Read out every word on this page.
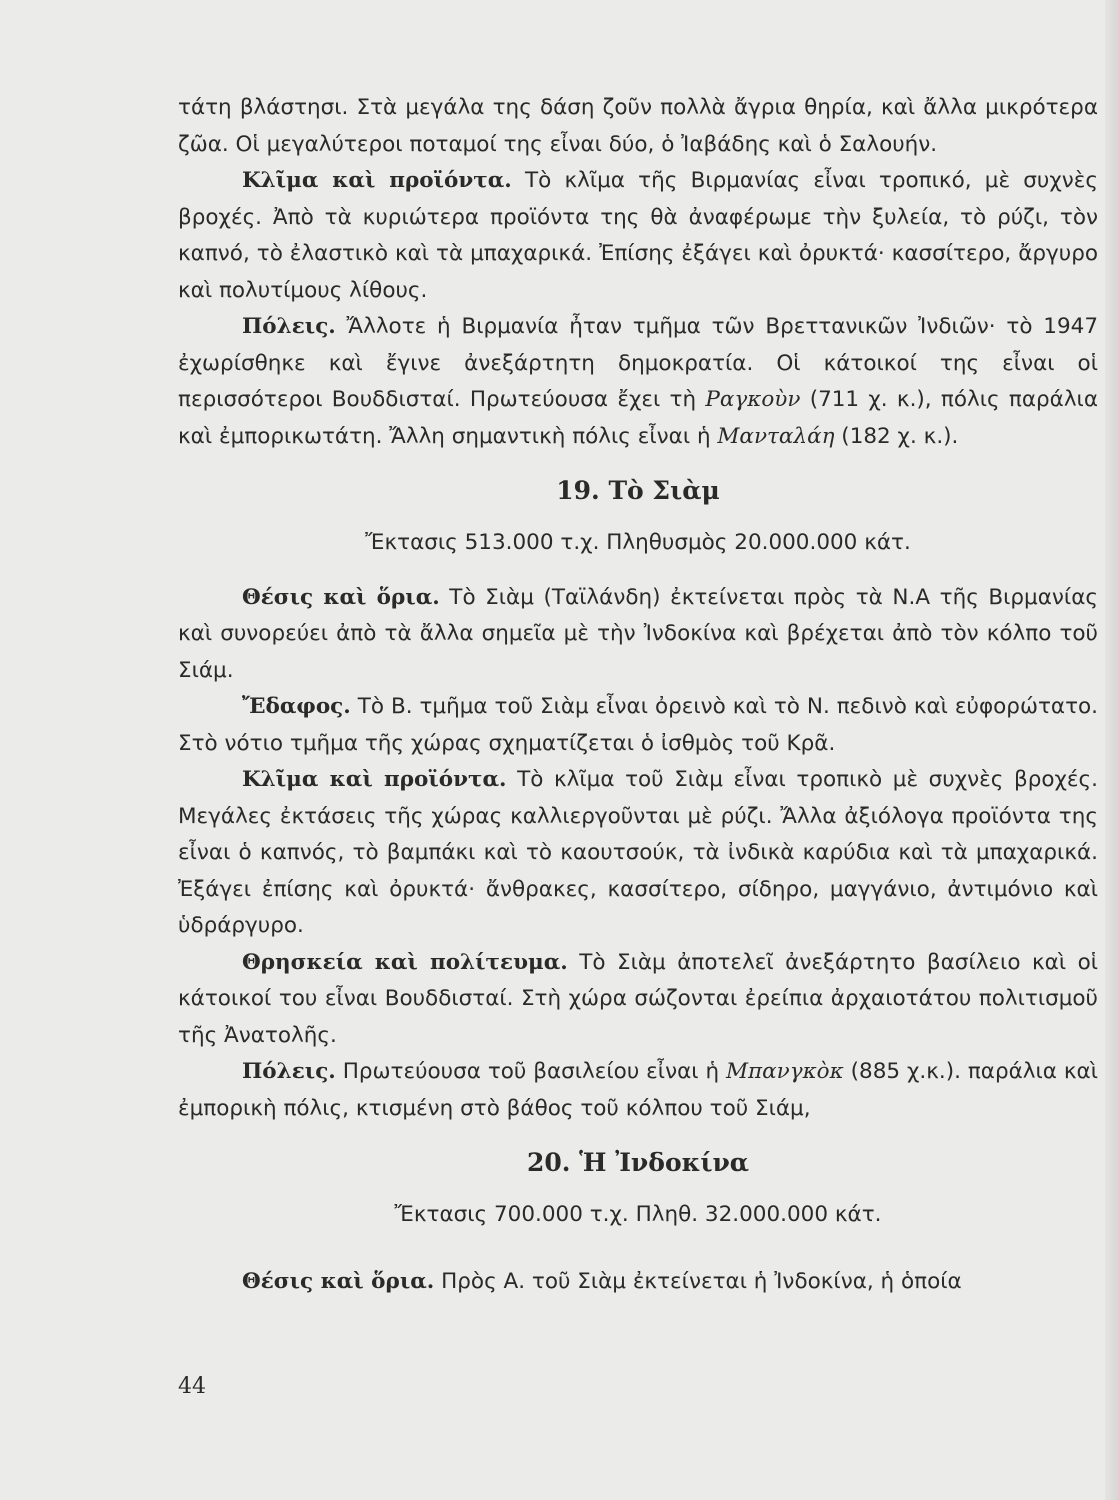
τάτη βλάστησι. Στὰ μεγάλα της δάση ζοῦν πολλὰ ἄγρια θηρία, καὶ ἄλλα μικρότερα ζῶα. Οἱ μεγαλύτεροι ποταμοί της εἶναι δύο, ὁ Ἰαβάδης καὶ ὁ Σαλουήν.

Κλῖμα καὶ προϊόντα. Τὸ κλῖμα τῆς Βιρμανίας εἶναι τροπικό, μὲ συχνὲς βροχές. Ἀπὸ τὰ κυριώτερα προϊόντα της θὰ ἀναφέρωμε τὴν ξυλεία, τὸ ρύζι, τὸν καπνό, τὸ ἐλαστικὸ καὶ τὰ μπαχαρικά. Ἐπίσης ἐξάγει καὶ ὀρυκτά· κασσίτερο, ἄργυρο καὶ πολυτίμους λίθους.

Πόλεις. Ἄλλοτε ἡ Βιρμανία ἦταν τμῆμα τῶν Βρεττανικῶν Ἰνδιῶν· τὸ 1947 ἐχωρίσθηκε καὶ ἔγινε ἀνεξάρτητη δημοκρατία. Οἱ κάτοικοί της εἶναι οἱ περισσότεροι Βουδδισταί. Πρωτεύουσα ἔχει τὴ Ραγκοὺν (711 χ. κ.), πόλις παράλια καὶ ἐμπορικωτάτη. Ἄλλη σημαντικὴ πόλις εἶναι ἡ Μανταλάη (182 χ. κ.).

19. Τὸ Σιὰμ
Ἔκτασις 513.000 τ.χ. Πληθυσμὸς 20.000.000 κάτ.

Θέσις καὶ ὅρια. Τὸ Σιὰμ (Ταϊλάνδη) ἐκτείνεται πρὸς τὰ Ν.Α τῆς Βιρμανίας καὶ συνορεύει ἀπὸ τὰ ἄλλα σημεῖα μὲ τὴν Ἰνδοκίνα καὶ βρέχεται ἀπὸ τὸν κόλπο τοῦ Σιάμ.

Ἔδαφος. Τὸ Β. τμῆμα τοῦ Σιὰμ εἶναι ὀρεινὸ καὶ τὸ Ν. πεδινὸ καὶ εὐφορώτατο. Στὸ νότιο τμῆμα τῆς χώρας σχηματίζεται ὁ ἰσθμὸς τοῦ Κρᾶ.

Κλῖμα καὶ προϊόντα. Τὸ κλῖμα τοῦ Σιὰμ εἶναι τροπικὸ μὲ συχνὲς βροχές. Μεγάλες ἐκτάσεις τῆς χώρας καλλιεργοῦνται μὲ ρύζι. Ἄλλα ἀξιόλογα προϊόντα της εἶναι ὁ καπνός, τὸ βαμπάκι καὶ τὸ καουτσούκ, τὰ ἰνδικὰ καρύδια καὶ τὰ μπαχαρικά. Ἐξάγει ἐπίσης καὶ ὀρυκτά· ἄνθρακες, κασσίτερο, σίδηρο, μαγγάνιο, ἀντιμόνιο καὶ ὑδράργυρο.

Θρησκεία καὶ πολίτευμα. Τὸ Σιὰμ ἀποτελεῖ ἀνεξάρτητο βασίλειο καὶ οἱ κάτοικοί του εἶναι Βουδδισταί. Στὴ χώρα σώζονται ἐρείπια ἀρχαιοτάτου πολιτισμοῦ τῆς Ἀνατολῆς.

Πόλεις. Πρωτεύουσα τοῦ βασιλείου εἶναι ἡ Μπανγκὸκ (885 χ.κ.). παράλια καὶ ἐμπορικὴ πόλις, κτισμένη στὸ βάθος τοῦ κόλπου τοῦ Σιάμ,

20. Ἡ Ἰνδοκίνα
Ἔκτασις 700.000 τ.χ. Πληθ. 32.000.000 κάτ.

Θέσις καὶ ὅρια. Πρὸς Α. τοῦ Σιὰμ ἐκτείνεται ἡ Ἰνδοκίνα, ἡ ὁποία

44
